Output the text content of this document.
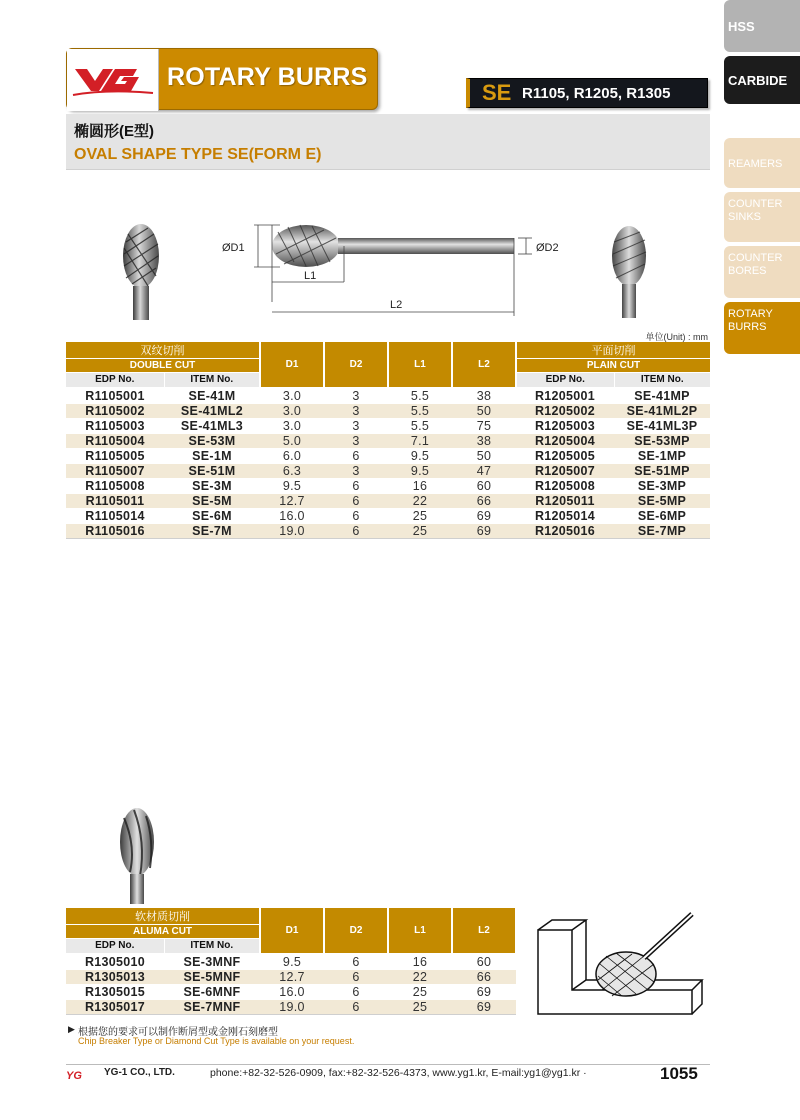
HSS
CARBIDE
REAMERS
COUNTER SINKS
COUNTER BORES
ROTARY BURRS
ROTARY BURRS
SE R1105, R1205, R1305
椭圆形(E型)
OVAL SHAPE TYPE SE(FORM E)
ØD1	ØD2
L1
L2
单位(Unit) : mm
双纹切削		D1	D2	L1	L2	平面切削	
DOUBLE CUT						PLAIN CUT	
EDP No.	ITEM No.					EDP No.	ITEM No.
R1105001	SE-41M	3.0	3	5.5	38	R1205001	SE-41MP
R1105002	SE-41ML2	3.0	3	5.5	50	R1205002	SE-41ML2P
R1105003	SE-41ML3	3.0	3	5.5	75	R1205003	SE-41ML3P
R1105004	SE-53M	5.0	3	7.1	38	R1205004	SE-53MP
R1105005	SE-1M	6.0	6	9.5	50	R1205005	SE-1MP
R1105007	SE-51M	6.3	3	9.5	47	R1205007	SE-51MP
R1105008	SE-3M	9.5	6	16	60	R1205008	SE-3MP
R1105011	SE-5M	12.7	6	22	66	R1205011	SE-5MP
R1105014	SE-6M	16.0	6	25	69	R1205014	SE-6MP
R1105016	SE-7M	19.0	6	25	69	R1205016	SE-7MP
软材质切削		D1	D2	L1	L2
ALUMA CUT					
EDP No.	ITEM No.				
R1305010	SE-3MNF	9.5	6	16	60
R1305013	SE-5MNF	12.7	6	22	66
R1305015	SE-6MNF	16.0	6	25	69
R1305017	SE-7MNF	19.0	6	25	69
▶ 根据您的要求可以制作断屑型或金刚石刻磨型
Chip Breaker Type or Diamond Cut Type is available on your request.
YG YG-1 CO., LTD.	phone:+82-32-526-0909, fax:+82-32-526-4373, www.yg1.kr, E-mail:yg1@yg1.kr ·	1055
